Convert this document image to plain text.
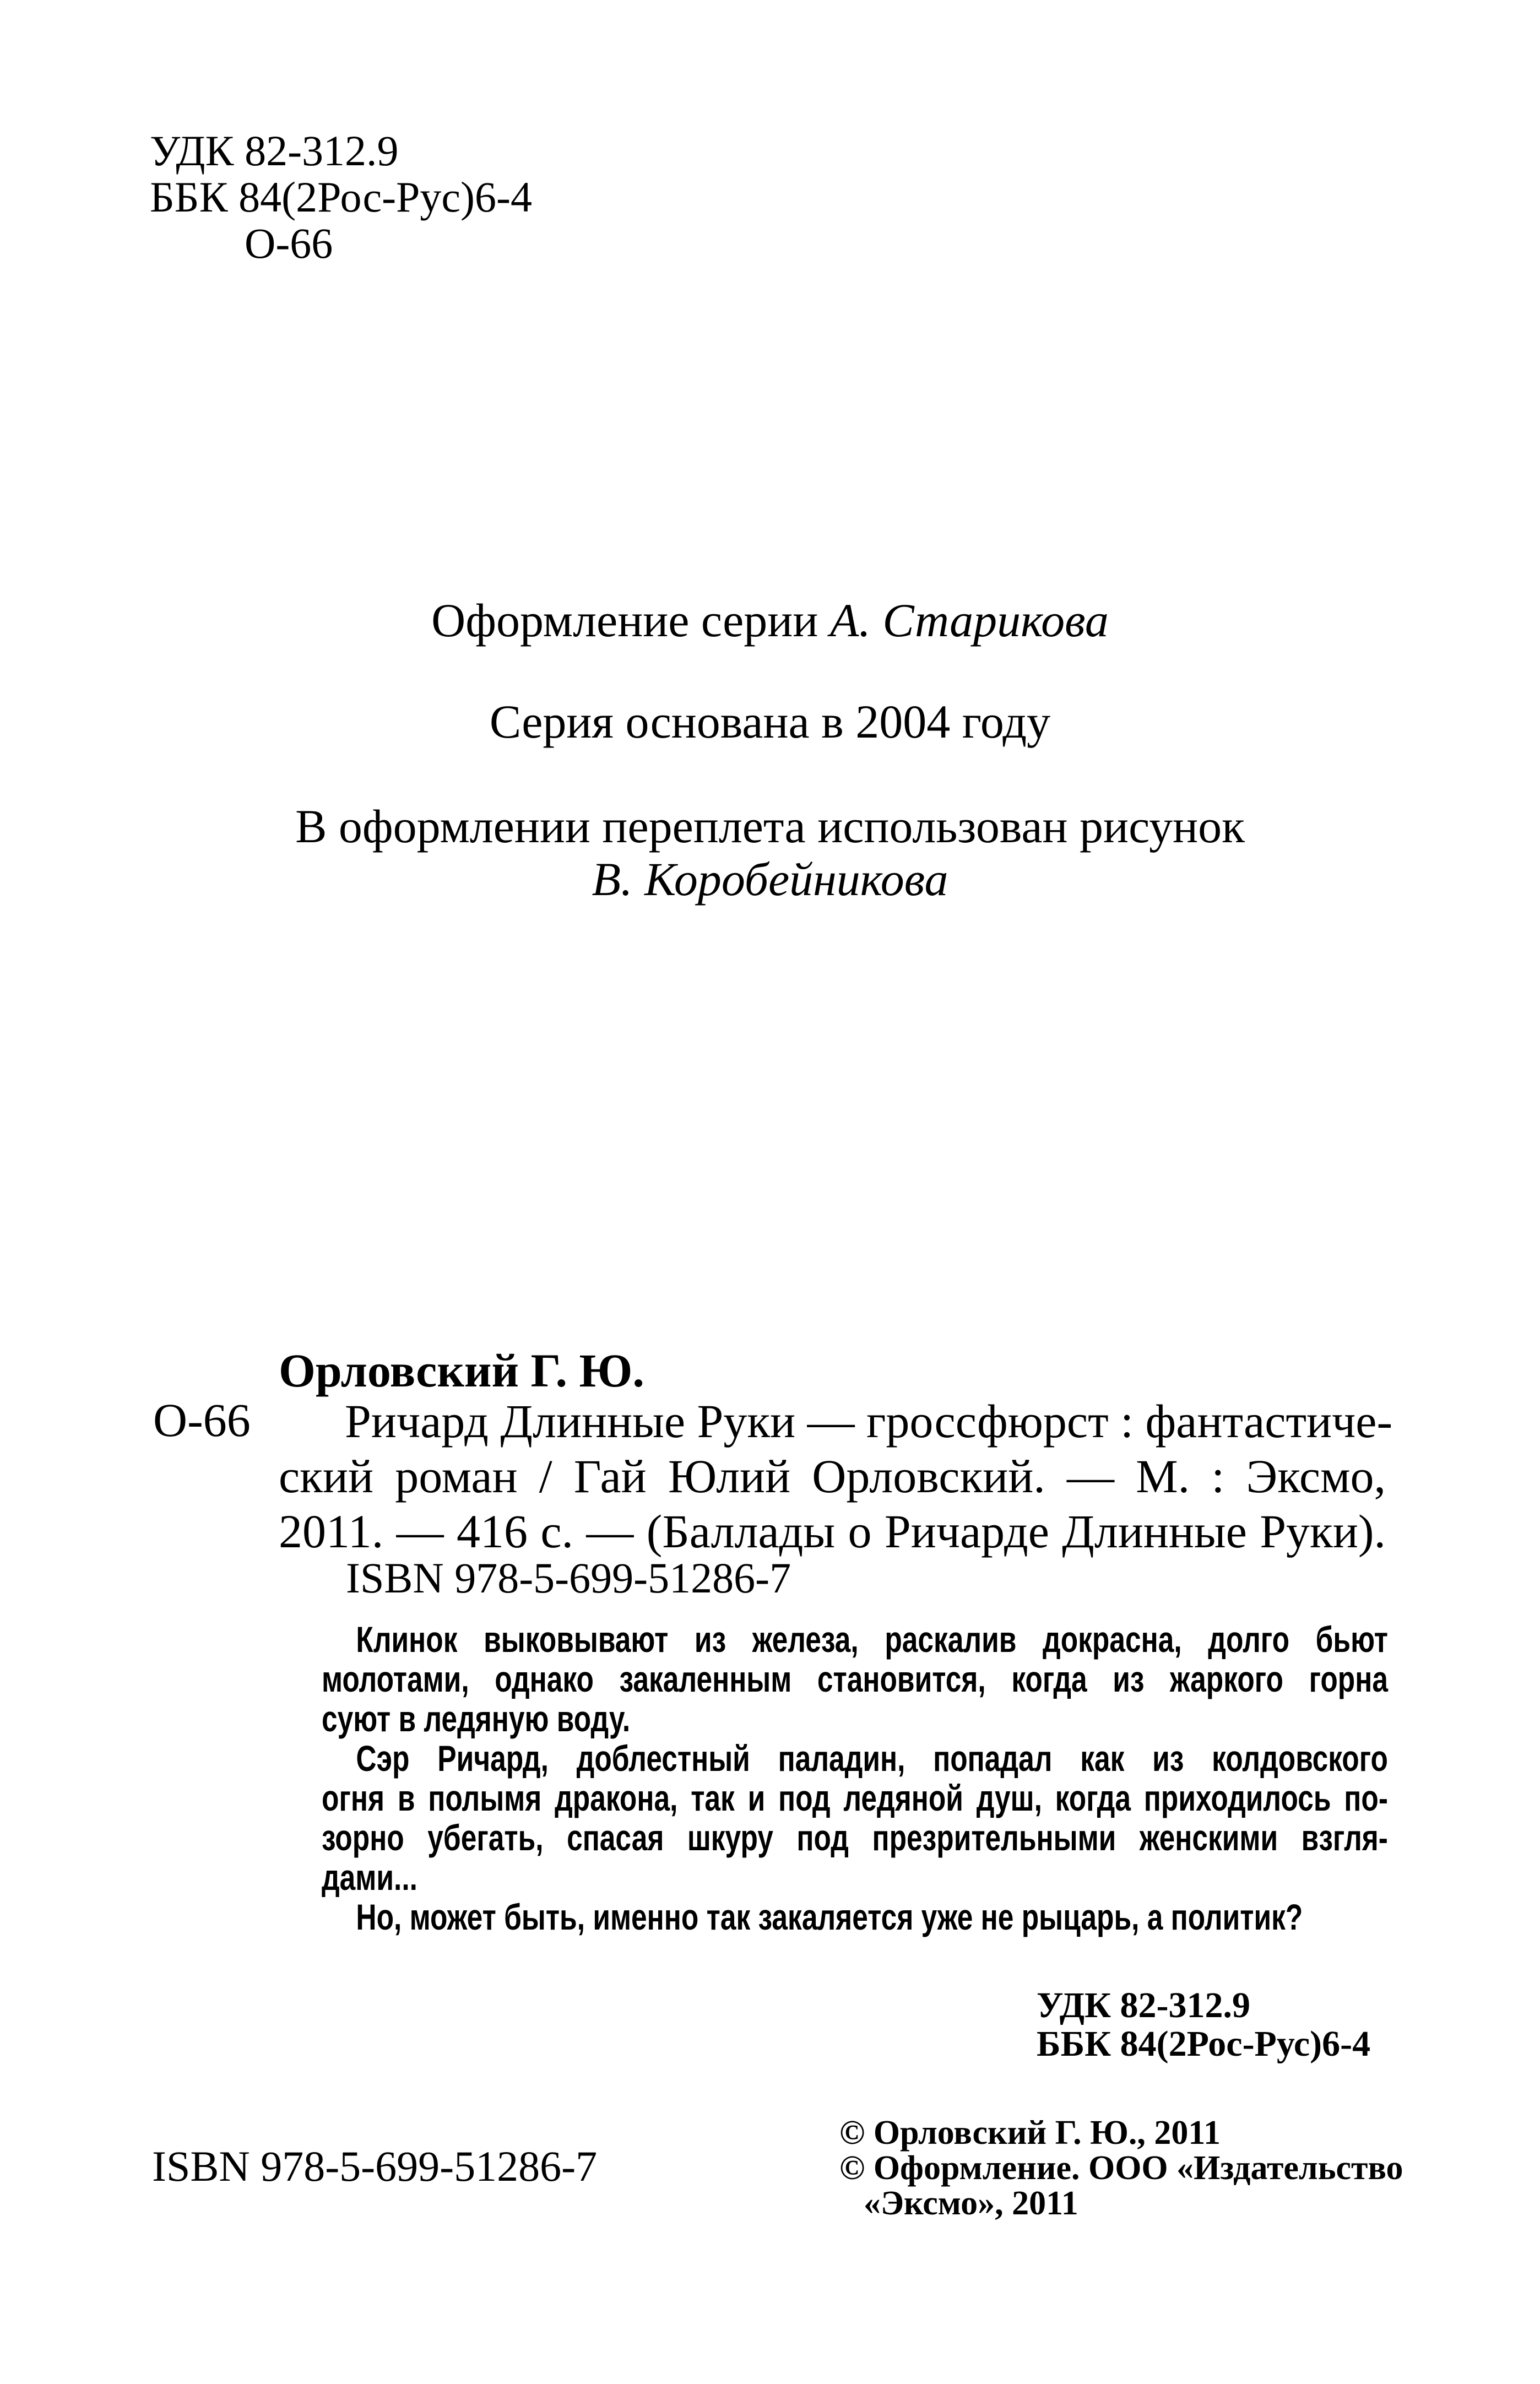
УДК 82-312.9
ББК 84(2Рос-Рус)6-4
О-66
Оформление серии А. Старикова
Серия основана в 2004 году
В оформлении переплета использован рисунок
В. Коробейникова
Орловский Г. Ю.
О-66	Ричард Длинные Руки — гроссфюрст : фантастиче-
ский роман / Гай Юлий Орловский. — М. : Эксмо,
2011. — 416 с. — (Баллады о Ричарде Длинные Руки).
ISBN 978-5-699-51286-7
Клинок выковывают из железа, раскалив докрасна, долго бьют
молотами, однако закаленным становится, когда из жаркого горна
суют в ледяную воду.
Сэр Ричард, доблестный паладин, попадал как из колдовского
огня в полымя дракона, так и под ледяной душ, когда приходилось по-
зорно убегать, спасая шкуру под презрительными женскими взгля-
дами...
Но, может быть, именно так закаляется уже не рыцарь, а политик?
УДК 82-312.9
ББК 84(2Рос-Рус)6-4
ISBN 978-5-699-51286-7
© Орловский Г. Ю., 2011
© Оформление. ООО «Издательство
«Эксмо», 2011
